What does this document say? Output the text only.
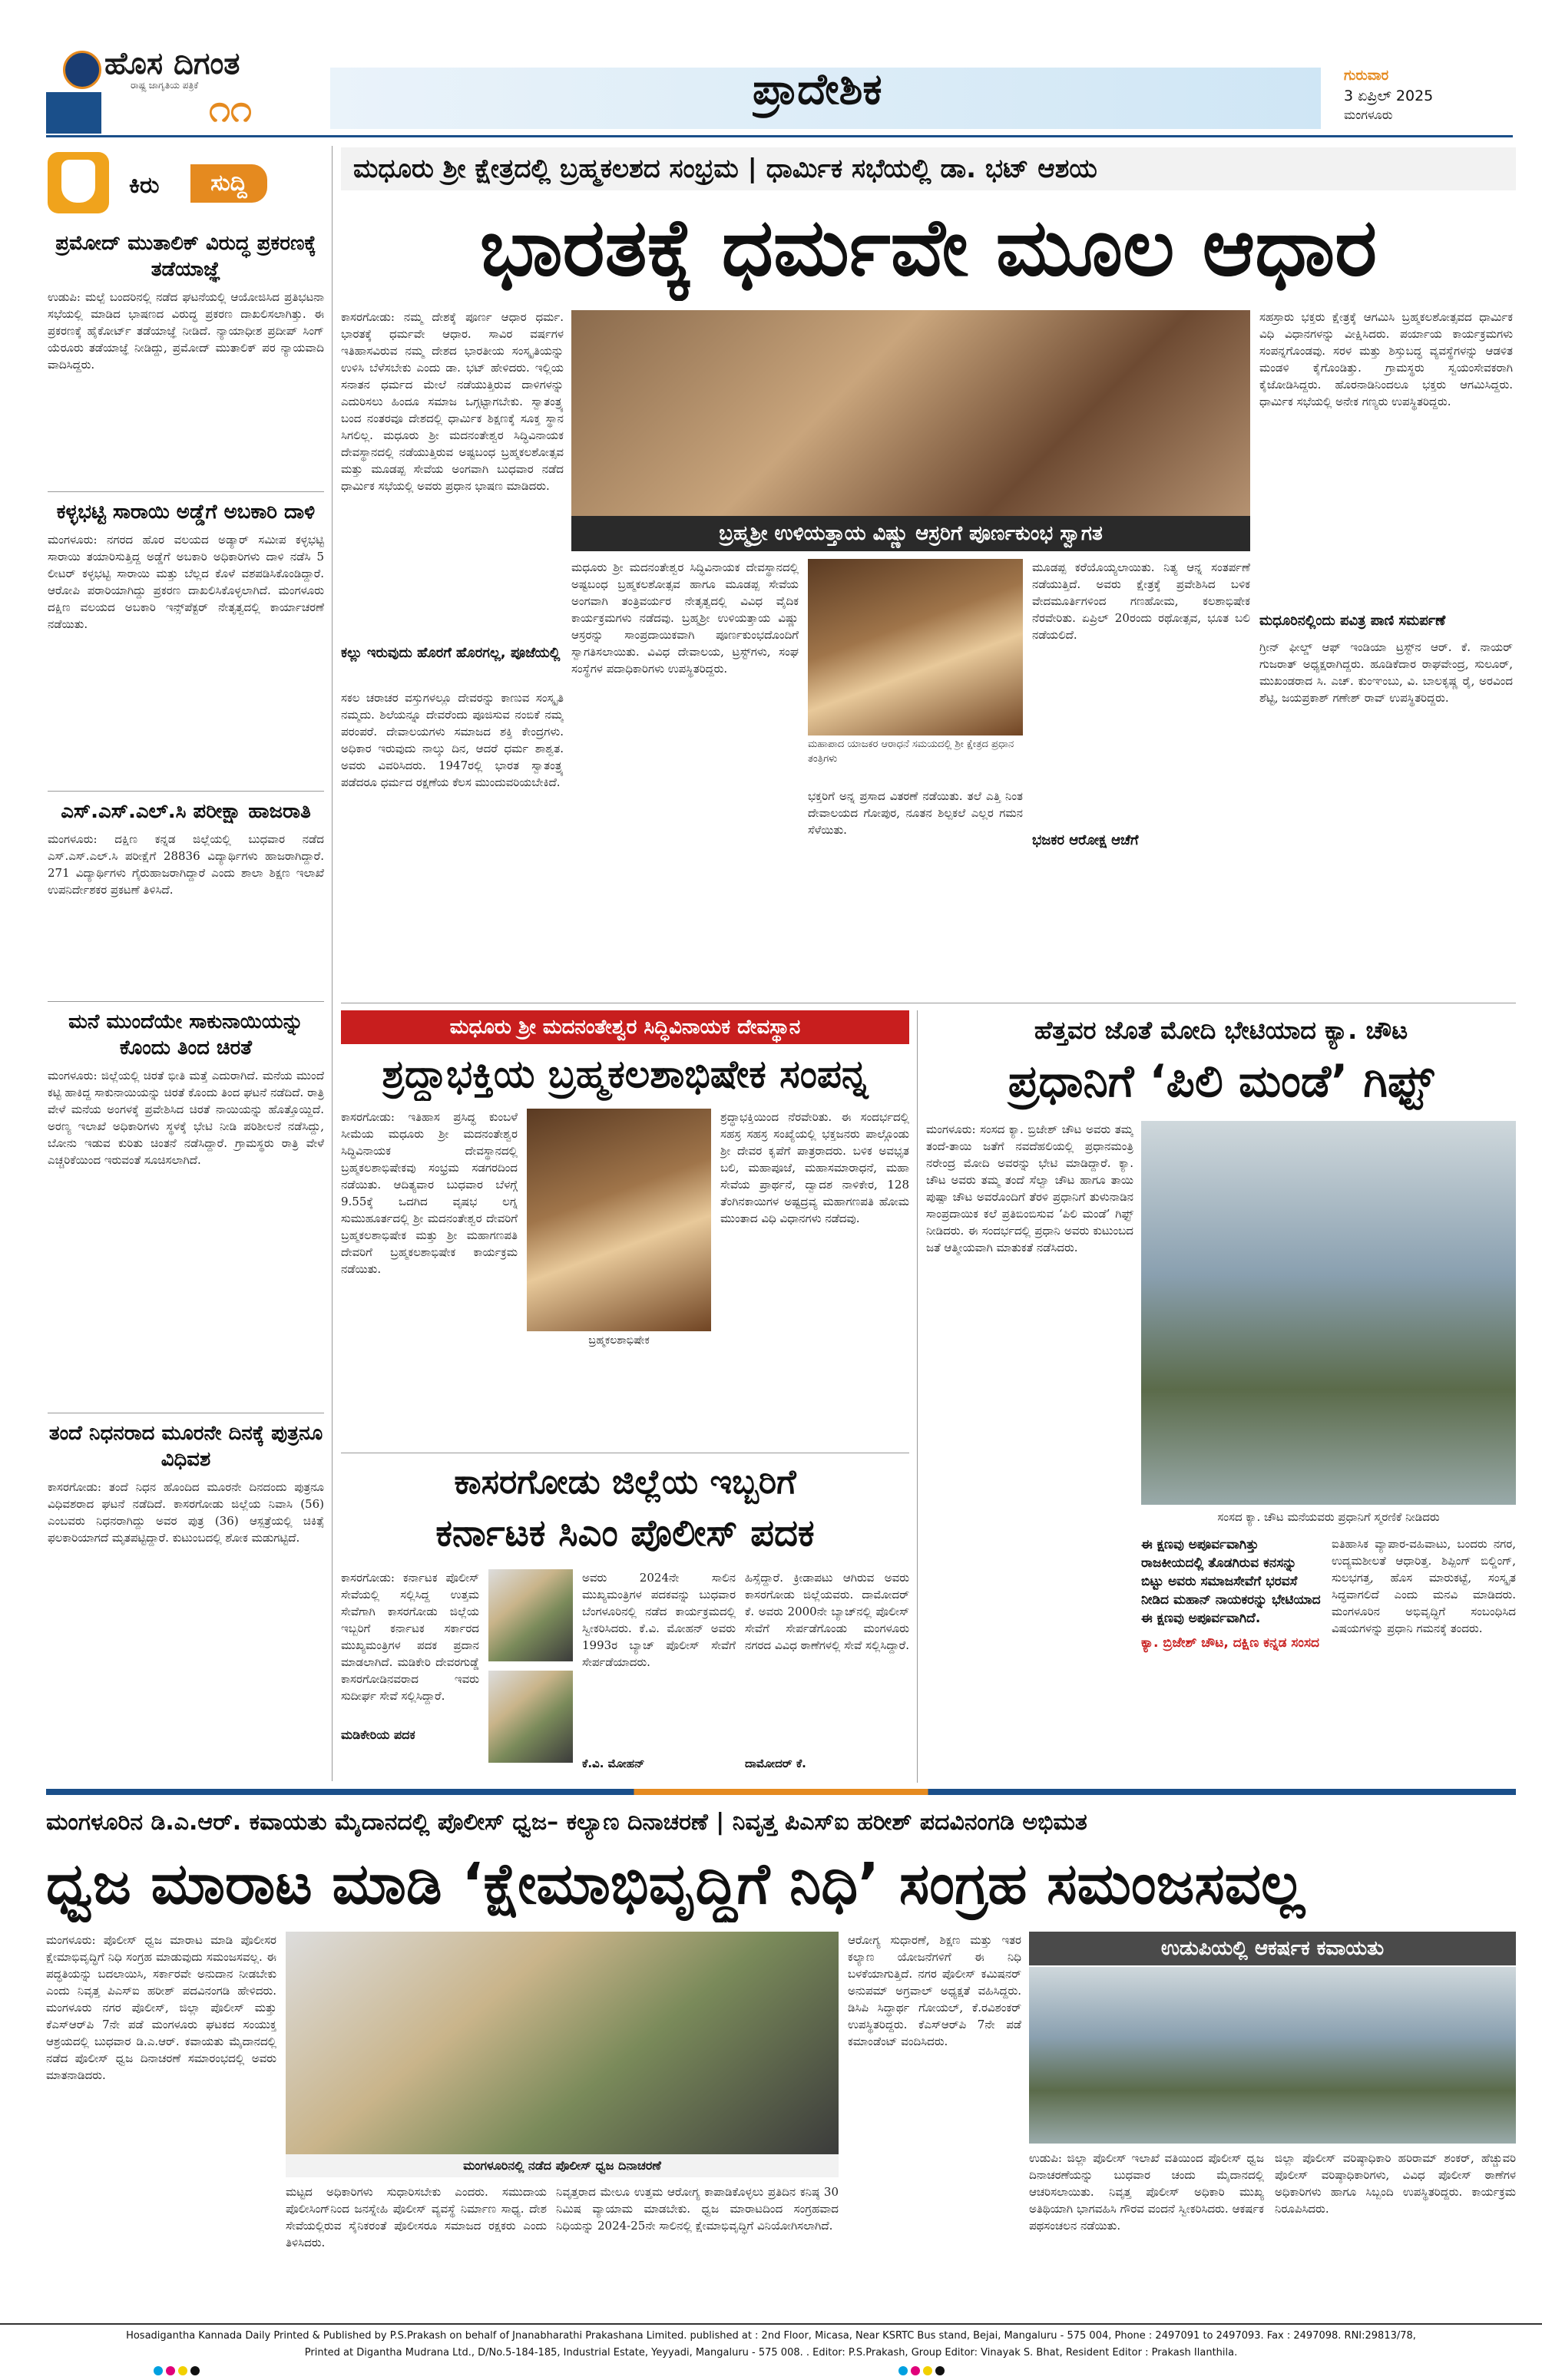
ಹೊಸ ದಿಗಂತ
ರಾಷ್ಟ್ರ ಜಾಗೃತಿಯ ಪತ್ರಿಕೆ
೧೧	ಪ್ರಾದೇಶಿಕ	ಗುರುವಾರ
3 ಏಪ್ರಿಲ್ 2025
ಮಂಗಳೂರು
ಕಿರು	ಸುದ್ದಿ
ಪ್ರಮೋದ್ ಮುತಾಲಿಕ್ ವಿರುದ್ಧ ಪ್ರಕರಣಕ್ಕೆ ತಡೆಯಾಜ್ಞೆ
ಉಡುಪಿ: ಮಲ್ಪೆ ಬಂದರಿನಲ್ಲಿ ನಡೆದ ಘಟನೆಯಲ್ಲಿ ಆಯೋಜಿಸಿದ ಪ್ರತಿಭಟನಾ ಸಭೆಯಲ್ಲಿ ಮಾಡಿದ ಭಾಷಣದ ವಿರುದ್ಧ ಪ್ರಕರಣ ದಾಖಲಿಸಲಾಗಿತ್ತು. ಈ ಪ್ರಕರಣಕ್ಕೆ ಹೈಕೋರ್ಟ್ ತಡೆಯಾಜ್ಞೆ ನೀಡಿದೆ. ನ್ಯಾಯಾಧೀಶ ಪ್ರದೀಪ್ ಸಿಂಗ್ ಯೆರೂರು ತಡೆಯಾಜ್ಞೆ ನೀಡಿದ್ದು, ಪ್ರಮೋದ್ ಮುತಾಲಿಕ್ ಪರ ನ್ಯಾಯವಾದಿ ವಾದಿಸಿದ್ದರು.
ಕಳ್ಳಭಟ್ಟಿ ಸಾರಾಯಿ ಅಡ್ಡೆಗೆ ಅಬಕಾರಿ ದಾಳಿ
ಮಂಗಳೂರು: ನಗರದ ಹೊರ ವಲಯದ ಅಡ್ಯಾರ್ ಸಮೀಪ ಕಳ್ಳಭಟ್ಟಿ ಸಾರಾಯಿ ತಯಾರಿಸುತ್ತಿದ್ದ ಅಡ್ಡೆಗೆ ಅಬಕಾರಿ ಅಧಿಕಾರಿಗಳು ದಾಳಿ ನಡೆಸಿ 5 ಲೀಟರ್ ಕಳ್ಳಭಟ್ಟಿ ಸಾರಾಯಿ ಮತ್ತು ಬೆಲ್ಲದ ಕೊಳೆ ವಶಪಡಿಸಿಕೊಂಡಿದ್ದಾರೆ. ಆರೋಪಿ ಪರಾರಿಯಾಗಿದ್ದು ಪ್ರಕರಣ ದಾಖಲಿಸಿಕೊಳ್ಳಲಾಗಿದೆ. ಮಂಗಳೂರು ದಕ್ಷಿಣ ವಲಯದ ಅಬಕಾರಿ ಇನ್ಸ್‌ಪೆಕ್ಟರ್ ನೇತೃತ್ವದಲ್ಲಿ ಕಾರ್ಯಾಚರಣೆ ನಡೆಯಿತು.
ಎಸ್.ಎಸ್.ಎಲ್.ಸಿ ಪರೀಕ್ಷಾ ಹಾಜರಾತಿ
ಮಂಗಳೂರು: ದಕ್ಷಿಣ ಕನ್ನಡ ಜಿಲ್ಲೆಯಲ್ಲಿ ಬುಧವಾರ ನಡೆದ ಎಸ್.ಎಸ್.ಎಲ್.ಸಿ ಪರೀಕ್ಷೆಗೆ 28836 ವಿದ್ಯಾರ್ಥಿಗಳು ಹಾಜರಾಗಿದ್ದಾರೆ. 271 ವಿದ್ಯಾರ್ಥಿಗಳು ಗೈರುಹಾಜರಾಗಿದ್ದಾರೆ ಎಂದು ಶಾಲಾ ಶಿಕ್ಷಣ ಇಲಾಖೆ ಉಪನಿರ್ದೇಶಕರ ಪ್ರಕಟಣೆ ತಿಳಿಸಿದೆ.
ಮನೆ ಮುಂದೆಯೇ ಸಾಕುನಾಯಿಯನ್ನು ಕೊಂದು ತಿಂದ ಚಿರತೆ
ಮಂಗಳೂರು: ಜಿಲ್ಲೆಯಲ್ಲಿ ಚಿರತೆ ಭೀತಿ ಮತ್ತೆ ಎದುರಾಗಿದೆ. ಮನೆಯ ಮುಂದೆ ಕಟ್ಟಿ ಹಾಕಿದ್ದ ಸಾಕುನಾಯಿಯನ್ನು ಚಿರತೆ ಕೊಂದು ತಿಂದ ಘಟನೆ ನಡೆದಿದೆ. ರಾತ್ರಿ ವೇಳೆ ಮನೆಯ ಅಂಗಳಕ್ಕೆ ಪ್ರವೇಶಿಸಿದ ಚಿರತೆ ನಾಯಿಯನ್ನು ಹೊತ್ತೊಯ್ದಿದೆ. ಅರಣ್ಯ ಇಲಾಖೆ ಅಧಿಕಾರಿಗಳು ಸ್ಥಳಕ್ಕೆ ಭೇಟಿ ನೀಡಿ ಪರಿಶೀಲನೆ ನಡೆಸಿದ್ದು, ಬೋನು ಇಡುವ ಕುರಿತು ಚಿಂತನೆ ನಡೆಸಿದ್ದಾರೆ. ಗ್ರಾಮಸ್ಥರು ರಾತ್ರಿ ವೇಳೆ ಎಚ್ಚರಿಕೆಯಿಂದ ಇರುವಂತೆ ಸೂಚಿಸಲಾಗಿದೆ.
ತಂದೆ ನಿಧನರಾದ ಮೂರನೇ ದಿನಕ್ಕೆ ಪುತ್ರನೂ ವಿಧಿವಶ
ಕಾಸರಗೋಡು: ತಂದೆ ನಿಧನ ಹೊಂದಿದ ಮೂರನೇ ದಿನದಂದು ಪುತ್ರನೂ ವಿಧಿವಶರಾದ ಘಟನೆ ನಡೆದಿದೆ. ಕಾಸರಗೋಡು ಜಿಲ್ಲೆಯ ನಿವಾಸಿ (56) ಎಂಬವರು ನಿಧನರಾಗಿದ್ದು ಅವರ ಪುತ್ರ (36) ಆಸ್ಪತ್ರೆಯಲ್ಲಿ ಚಿಕಿತ್ಸೆ ಫಲಕಾರಿಯಾಗದೆ ಮೃತಪಟ್ಟಿದ್ದಾರೆ. ಕುಟುಂಬದಲ್ಲಿ ಶೋಕ ಮಡುಗಟ್ಟಿದೆ.
ಮಧೂರು ಶ್ರೀ ಕ್ಷೇತ್ರದಲ್ಲಿ ಬ್ರಹ್ಮಕಲಶದ ಸಂಭ್ರಮ | ಧಾರ್ಮಿಕ ಸಭೆಯಲ್ಲಿ ಡಾ. ಭಟ್ ಆಶಯ
ಭಾರತಕ್ಕೆ ಧರ್ಮವೇ ಮೂಲ ಆಧಾರ
ಕಾಸರಗೋಡು: ನಮ್ಮ ದೇಶಕ್ಕೆ ಪೂರ್ಣ ಆಧಾರ ಧರ್ಮ. ಭಾರತಕ್ಕೆ ಧರ್ಮವೇ ಆಧಾರ. ಸಾವಿರ ವರ್ಷಗಳ ಇತಿಹಾಸವಿರುವ ನಮ್ಮ ದೇಶದ ಭಾರತೀಯ ಸಂಸ್ಕೃತಿಯನ್ನು ಉಳಿಸಿ ಬೆಳೆಸಬೇಕು ಎಂದು ಡಾ. ಭಟ್ ಹೇಳಿದರು. ಇಲ್ಲಿಯ ಸನಾತನ ಧರ್ಮದ ಮೇಲೆ ನಡೆಯುತ್ತಿರುವ ದಾಳಿಗಳನ್ನು ಎದುರಿಸಲು ಹಿಂದೂ ಸಮಾಜ ಒಗ್ಗಟ್ಟಾಗಬೇಕು. ಸ್ವಾತಂತ್ರ್ಯ ಬಂದ ನಂತರವೂ ದೇಶದಲ್ಲಿ ಧಾರ್ಮಿಕ ಶಿಕ್ಷಣಕ್ಕೆ ಸೂಕ್ತ ಸ್ಥಾನ ಸಿಗಲಿಲ್ಲ. ಮಧೂರು ಶ್ರೀ ಮದನಂತೇಶ್ವರ ಸಿದ್ಧಿವಿನಾಯಕ ದೇವಸ್ಥಾನದಲ್ಲಿ ನಡೆಯುತ್ತಿರುವ ಅಷ್ಟಬಂಧ ಬ್ರಹ್ಮಕಲಶೋತ್ಸವ ಮತ್ತು ಮೂಡಪ್ಪ ಸೇವೆಯ ಅಂಗವಾಗಿ ಬುಧವಾರ ನಡೆದ ಧಾರ್ಮಿಕ ಸಭೆಯಲ್ಲಿ ಅವರು ಪ್ರಧಾನ ಭಾಷಣ ಮಾಡಿದರು.
ಕಲ್ಲು ಇರುವುದು ಹೊರಗೆ ಹೊರಗಲ್ಲ, ಪೂಜೆಯಲ್ಲಿ
ಸಕಲ ಚರಾಚರ ವಸ್ತುಗಳಲ್ಲೂ ದೇವರನ್ನು ಕಾಣುವ ಸಂಸ್ಕೃತಿ ನಮ್ಮದು. ಶಿಲೆಯನ್ನೂ ದೇವರೆಂದು ಪೂಜಿಸುವ ನಂಬಿಕೆ ನಮ್ಮ ಪರಂಪರೆ. ದೇವಾಲಯಗಳು ಸಮಾಜದ ಶಕ್ತಿ ಕೇಂದ್ರಗಳು. ಅಧಿಕಾರ ಇರುವುದು ನಾಲ್ಕು ದಿನ, ಆದರೆ ಧರ್ಮ ಶಾಶ್ವತ. ಅವರು ವಿವರಿಸಿದರು. 1947ರಲ್ಲಿ ಭಾರತ ಸ್ವಾತಂತ್ರ್ಯ ಪಡೆದರೂ ಧರ್ಮದ ರಕ್ಷಣೆಯ ಕೆಲಸ ಮುಂದುವರಿಯಬೇಕಿದೆ.
ಬ್ರಹ್ಮಶ್ರೀ ಉಳಿಯತ್ತಾಯ ವಿಷ್ಣು ಆಸ್ರರಿಗೆ ಪೂರ್ಣಕುಂಭ ಸ್ವಾಗತ
ಮಧೂರು ಶ್ರೀ ಮದನಂತೇಶ್ವರ ಸಿದ್ಧಿವಿನಾಯಕ ದೇವಸ್ಥಾನದಲ್ಲಿ ಅಷ್ಟಬಂಧ ಬ್ರಹ್ಮಕಲಶೋತ್ಸವ ಹಾಗೂ ಮೂಡಪ್ಪ ಸೇವೆಯ ಅಂಗವಾಗಿ ತಂತ್ರಿವರ್ಯರ ನೇತೃತ್ವದಲ್ಲಿ ವಿವಿಧ ವೈದಿಕ ಕಾರ್ಯಕ್ರಮಗಳು ನಡೆದವು. ಬ್ರಹ್ಮಶ್ರೀ ಉಳಿಯತ್ತಾಯ ವಿಷ್ಣು ಆಸ್ರರನ್ನು ಸಾಂಪ್ರದಾಯಿಕವಾಗಿ ಪೂರ್ಣಕುಂಭದೊಂದಿಗೆ ಸ್ವಾಗತಿಸಲಾಯಿತು. ವಿವಿಧ ದೇವಾಲಯ, ಟ್ರಸ್ಟ್‌ಗಳು, ಸಂಘ ಸಂಸ್ಥೆಗಳ ಪದಾಧಿಕಾರಿಗಳು ಉಪಸ್ಥಿತರಿದ್ದರು.
ಮಹಾಪಾದ ಯಾಜಕರ ಆರಾಧನೆ ಸಮಯದಲ್ಲಿ ಶ್ರೀ ಕ್ಷೇತ್ರದ ಪ್ರಧಾನ ತಂತ್ರಿಗಳು
ಭಕ್ತರಿಗೆ ಅನ್ನ ಪ್ರಸಾದ ವಿತರಣೆ ನಡೆಯಿತು. ತಲೆ ಎತ್ತಿ ನಿಂತ ದೇವಾಲಯದ ಗೋಪುರ, ನೂತನ ಶಿಲ್ಪಕಲೆ ಎಲ್ಲರ ಗಮನ ಸೆಳೆಯಿತು.
ಮೂಡಪ್ಪ ಕರೆಯೊಯ್ಯಲಾಯಿತು. ನಿತ್ಯ ಆನ್ನ ಸಂತರ್ಪಣೆ ನಡೆಯುತ್ತಿದೆ. ಅವರು ಕ್ಷೇತ್ರಕ್ಕೆ ಪ್ರವೇಶಿಸಿದ ಬಳಿಕ ವೇದಮೂರ್ತಿಗಳಿಂದ ಗಣಹೋಮ, ಕಲಶಾಭಿಷೇಕ ನೆರವೇರಿತು. ಏಪ್ರಿಲ್ 20ರಂದು ರಥೋತ್ಸವ, ಭೂತ ಬಲಿ ನಡೆಯಲಿದೆ.
ಭಜಕರ ಆರೋಕ್ಷ ಆಚೆಗೆ
ಸಹಸ್ರಾರು ಭಕ್ತರು ಕ್ಷೇತ್ರಕ್ಕೆ ಆಗಮಿಸಿ ಬ್ರಹ್ಮಕಲಶೋತ್ಸವದ ಧಾರ್ಮಿಕ ವಿಧಿ ವಿಧಾನಗಳನ್ನು ವೀಕ್ಷಿಸಿದರು. ಪರ್ಯಾಯ ಕಾರ್ಯಕ್ರಮಗಳು ಸಂಪನ್ನಗೊಂಡವು. ಸರಳ ಮತ್ತು ಶಿಸ್ತುಬದ್ಧ ವ್ಯವಸ್ಥೆಗಳನ್ನು ಆಡಳಿತ ಮಂಡಳಿ ಕೈಗೊಂಡಿತ್ತು. ಗ್ರಾಮಸ್ಥರು ಸ್ವಯಂಸೇವಕರಾಗಿ ಕೈಜೋಡಿಸಿದ್ದರು. ಹೊರನಾಡಿನಿಂದಲೂ ಭಕ್ತರು ಆಗಮಿಸಿದ್ದರು. ಧಾರ್ಮಿಕ ಸಭೆಯಲ್ಲಿ ಅನೇಕ ಗಣ್ಯರು ಉಪಸ್ಥಿತರಿದ್ದರು.
ಮಧೂರಿನಲ್ಲಿಂದು ಪವಿತ್ರ ಪಾಣಿ ಸಮರ್ಪಣೆ
ಗ್ರೀನ್ ಫೀಲ್ಡ್ ಆಫ್ ಇಂಡಿಯಾ ಟ್ರಸ್ಟ್‌ನ ಆರ್. ಕೆ. ನಾಯರ್ ಗುಜರಾತ್ ಅಧ್ಯಕ್ಷರಾಗಿದ್ದರು. ಹೂಡಿಕೆದಾರ ರಾಘವೇಂದ್ರ, ಸುಲೂರ್, ಮುಖಂಡರಾದ ಸಿ. ಎಚ್. ಕುಂಞಂಬು, ವಿ. ಬಾಲಕೃಷ್ಣ ರೈ, ಅರವಿಂದ ಶೆಟ್ಟಿ, ಜಯಪ್ರಕಾಶ್ ಗಣೇಶ್ ರಾವ್ ಉಪಸ್ಥಿತರಿದ್ದರು.
ಮಧೂರು ಶ್ರೀ ಮದನಂತೇಶ್ವರ ಸಿದ್ಧಿವಿನಾಯಕ ದೇವಸ್ಥಾನ
ಶ್ರದ್ಧಾಭಕ್ತಿಯ ಬ್ರಹ್ಮಕಲಶಾಭಿಷೇಕ ಸಂಪನ್ನ
ಕಾಸರಗೋಡು: ಇತಿಹಾಸ ಪ್ರಸಿದ್ಧ ಕುಂಬಳೆ ಸೀಮೆಯ ಮಧೂರು ಶ್ರೀ ಮದನಂತೇಶ್ವರ ಸಿದ್ಧಿವಿನಾಯಕ ದೇವಸ್ಥಾನದಲ್ಲಿ ಬ್ರಹ್ಮಕಲಶಾಭಿಷೇಕವು ಸಂಭ್ರಮ ಸಡಗರದಿಂದ ನಡೆಯಿತು. ಆದಿತ್ಯವಾರ ಬುಧವಾರ ಬೆಳಗ್ಗೆ 9.55ಕ್ಕೆ ಒದಗಿದ ವೃಷಭ ಲಗ್ನ ಸುಮುಹೂರ್ತದಲ್ಲಿ ಶ್ರೀ ಮದನಂತೇಶ್ವರ ದೇವರಿಗೆ ಬ್ರಹ್ಮಕಲಶಾಭಿಷೇಕ ಮತ್ತು ಶ್ರೀ ಮಹಾಗಣಪತಿ ದೇವರಿಗೆ ಬ್ರಹ್ಮಕಲಶಾಭಿಷೇಕ ಕಾರ್ಯಕ್ರಮ ನಡೆಯಿತು.
ಬ್ರಹ್ಮಕಲಶಾಭಿಷೇಕ
ಶ್ರದ್ಧಾಭಕ್ತಿಯಿಂದ ನೆರವೇರಿತು. ಈ ಸಂದರ್ಭದಲ್ಲಿ ಸಹಸ್ರ ಸಹಸ್ರ ಸಂಖ್ಯೆಯಲ್ಲಿ ಭಕ್ತಜನರು ಪಾಲ್ಗೊಂಡು ಶ್ರೀ ದೇವರ ಕೃಪೆಗೆ ಪಾತ್ರರಾದರು. ಬಳಿಕ ಅವಭೃತ ಬಲಿ, ಮಹಾಪೂಜೆ, ಮಹಾಸಮಾರಾಧನೆ, ಮಹಾ ಸೇವೆಯ ಪ್ರಾರ್ಥನೆ, ದ್ವಾದಶ ನಾಳಿಕೇರ, 128 ತೆಂಗಿನಕಾಯಿಗಳ ಅಷ್ಟದ್ರವ್ಯ ಮಹಾಗಣಪತಿ ಹೋಮ ಮುಂತಾದ ವಿಧಿ ವಿಧಾನಗಳು ನಡೆದವು.
ಕಾಸರಗೋಡು ಜಿಲ್ಲೆಯ ಇಬ್ಬರಿಗೆ
ಕರ್ನಾಟಕ ಸಿಎಂ ಪೊಲೀಸ್ ಪದಕ
ಕಾಸರಗೋಡು: ಕರ್ನಾಟಕ ಪೊಲೀಸ್ ಸೇವೆಯಲ್ಲಿ ಸಲ್ಲಿಸಿದ್ದ ಉತ್ತಮ ಸೇವೆಗಾಗಿ ಕಾಸರಗೋಡು ಜಿಲ್ಲೆಯ ಇಬ್ಬರಿಗೆ ಕರ್ನಾಟಕ ಸರ್ಕಾರದ ಮುಖ್ಯಮಂತ್ರಿಗಳ ಪದಕ ಪ್ರದಾನ ಮಾಡಲಾಗಿದೆ. ಮಡಿಕೇರಿ ದೇವರಗುಡ್ಡೆ ಕಾಸರಗೋಡಿನವರಾದ ಇವರು ಸುದೀರ್ಘ ಸೇವೆ ಸಲ್ಲಿಸಿದ್ದಾರೆ.
ಮಡಿಕೇರಿಯ ಪದಕ
ಅವರು 2024ನೇ ಸಾಲಿನ ಮುಖ್ಯಮಂತ್ರಿಗಳ ಪದಕವನ್ನು ಬುಧವಾರ ಬೆಂಗಳೂರಿನಲ್ಲಿ ನಡೆದ ಕಾರ್ಯಕ್ರಮದಲ್ಲಿ ಸ್ವೀಕರಿಸಿದರು. ಕೆ.ವಿ. ಮೋಹನ್ ಅವರು 1993ರ ಬ್ಯಾಚ್ ಪೊಲೀಸ್ ಸೇವೆಗೆ ಸೇರ್ಪಡೆಯಾದರು.
ಕೆ.ವಿ. ಮೋಹನ್
ಹಿಸ್ಸೆದ್ದಾರೆ. ಕ್ರೀಡಾಪಟು ಆಗಿರುವ ಅವರು ಕಾಸರಗೋಡು ಜಿಲ್ಲೆಯವರು. ದಾಮೋದರ್ ಕೆ. ಅವರು 2000ನೇ ಬ್ಯಾಚ್‌ನಲ್ಲಿ ಪೊಲೀಸ್ ಸೇವೆಗೆ ಸೇರ್ಪಡೆಗೊಂಡು ಮಂಗಳೂರು ನಗರದ ವಿವಿಧ ಠಾಣೆಗಳಲ್ಲಿ ಸೇವೆ ಸಲ್ಲಿಸಿದ್ದಾರೆ.
ದಾಮೋದರ್ ಕೆ.
ಹೆತ್ತವರ ಜೊತೆ ಮೋದಿ ಭೇಟಿಯಾದ ಕ್ಯಾ. ಚೌಟ
ಪ್ರಧಾನಿಗೆ ‘ಪಿಲಿ ಮಂಡೆ’ ಗಿಫ್ಟ್
ಮಂಗಳೂರು: ಸಂಸದ ಕ್ಯಾ. ಬ್ರಿಜೇಶ್ ಚೌಟ ಅವರು ತಮ್ಮ ತಂದೆ-ತಾಯಿ ಜತೆಗೆ ನವದೆಹಲಿಯಲ್ಲಿ ಪ್ರಧಾನಮಂತ್ರಿ ನರೇಂದ್ರ ಮೋದಿ ಅವರನ್ನು ಭೇಟಿ ಮಾಡಿದ್ದಾರೆ. ಕ್ಯಾ. ಚೌಟ ಅವರು ತಮ್ಮ ತಂದೆ ಸೆಲ್ವಾ ಚೌಟ ಹಾಗೂ ತಾಯಿ ಪುಷ್ಪಾ ಚೌಟ ಅವರೊಂದಿಗೆ ತೆರಳಿ ಪ್ರಧಾನಿಗೆ ತುಳುನಾಡಿನ ಸಾಂಪ್ರದಾಯಿಕ ಕಲೆ ಪ್ರತಿಬಿಂಬಿಸುವ ‘ಪಿಲಿ ಮಂಡೆ’ ಗಿಫ್ಟ್ ನೀಡಿದರು. ಈ ಸಂದರ್ಭದಲ್ಲಿ ಪ್ರಧಾನಿ ಅವರು ಕುಟುಂಬದ ಜತೆ ಆತ್ಮೀಯವಾಗಿ ಮಾತುಕತೆ ನಡೆಸಿದರು.
ಸಂಸದ ಕ್ಯಾ. ಚೌಟ ಮನೆಯವರು ಪ್ರಧಾನಿಗೆ ಸ್ಮರಣಿಕೆ ನೀಡಿದರು
ಈ ಕ್ಷಣವು ಅಪೂರ್ವವಾಗಿತ್ತು ರಾಜಕೀಯದಲ್ಲಿ ತೊಡಗಿರುವ ಕನಸನ್ನು ಬಿಟ್ಟು ಅವರು ಸಮಾಜಸೇವೆಗೆ ಭರವಸೆ ನೀಡಿದ ಮಹಾನ್ ನಾಯಕರನ್ನು ಭೇಟಿಯಾದ ಈ ಕ್ಷಣವು ಅಪೂರ್ವವಾಗಿದೆ.
ಕ್ಯಾ. ಬ್ರಿಜೇಶ್ ಚೌಟ, ದಕ್ಷಿಣ ಕನ್ನಡ ಸಂಸದ
ಐತಿಹಾಸಿಕ ವ್ಯಾಪಾರ-ವಹಿವಾಟು, ಬಂದರು ನಗರ, ಉದ್ಯಮಶೀಲತೆ ಆಧಾರಿತ್ತ. ಶಿಪ್ಪಿಂಗ್ ಬಿಲ್ಡಿಂಗ್, ಸುಲಭಗತ್ತ, ಹೊಸ ಮಾರುಕಟ್ಟೆ, ಸಂಸ್ಕೃತ ಸಿದ್ಧವಾಗಲಿದೆ ಎಂದು ಮನವಿ ಮಾಡಿದರು. ಮಂಗಳೂರಿನ ಅಭಿವೃದ್ಧಿಗೆ ಸಂಬಂಧಿಸಿದ ವಿಷಯಗಳನ್ನು ಪ್ರಧಾನಿ ಗಮನಕ್ಕೆ ತಂದರು.
ಮಂಗಳೂರಿನ ಡಿ.ಎ.ಆರ್. ಕವಾಯತು ಮೈದಾನದಲ್ಲಿ ಪೊಲೀಸ್ ಧ್ವಜ– ಕಲ್ಯಾಣ ದಿನಾಚರಣೆ | ನಿವೃತ್ತ ಪಿಎಸ್ಐ ಹರೀಶ್ ಪದವಿನಂಗಡಿ ಅಭಿಮತ
ಧ್ವಜ ಮಾರಾಟ ಮಾಡಿ ‘ಕ್ಷೇಮಾಭಿವೃದ್ಧಿಗೆ ನಿಧಿ’ ಸಂಗ್ರಹ ಸಮಂಜಸವಲ್ಲ
ಮಂಗಳೂರು: ಪೊಲೀಸ್ ಧ್ವಜ ಮಾರಾಟ ಮಾಡಿ ಪೊಲೀಸರ ಕ್ಷೇಮಾಭಿವೃದ್ಧಿಗೆ ನಿಧಿ ಸಂಗ್ರಹ ಮಾಡುವುದು ಸಮಂಜಸವಲ್ಲ. ಈ ಪದ್ಧತಿಯನ್ನು ಬದಲಾಯಿಸಿ, ಸರ್ಕಾರವೇ ಅನುದಾನ ನೀಡಬೇಕು ಎಂದು ನಿವೃತ್ತ ಪಿಎಸ್ಐ ಹರೀಶ್ ಪದವಿನಂಗಡಿ ಹೇಳಿದರು. ಮಂಗಳೂರು ನಗರ ಪೊಲೀಸ್, ಜಿಲ್ಲಾ ಪೊಲೀಸ್ ಮತ್ತು ಕೆಎಸ್‌ಆರ್‌ಪಿ 7ನೇ ಪಡೆ ಮಂಗಳೂರು ಘಟಕದ ಸಂಯುಕ್ತ ಆಶ್ರಯದಲ್ಲಿ ಬುಧವಾರ ಡಿ.ಎ.ಆರ್. ಕವಾಯತು ಮೈದಾನದಲ್ಲಿ ನಡೆದ ಪೊಲೀಸ್ ಧ್ವಜ ದಿನಾಚರಣೆ ಸಮಾರಂಭದಲ್ಲಿ ಅವರು ಮಾತನಾಡಿದರು.
ಮಂಗಳೂರಿನಲ್ಲಿ ನಡೆದ ಪೊಲೀಸ್ ಧ್ವಜ ದಿನಾಚರಣೆ
ಮಟ್ಟದ ಅಧಿಕಾರಿಗಳು ಸುಧಾರಿಸಬೇಕು ಎಂದರು. ಸಮುದಾಯ ಪೊಲೀಸಿಂಗ್‌ನಿಂದ ಜನಸ್ನೇಹಿ ಪೊಲೀಸ್ ವ್ಯವಸ್ಥೆ ನಿರ್ಮಾಣ ಸಾಧ್ಯ. ದೇಶ ಸೇವೆಯಲ್ಲಿರುವ ಸೈನಿಕರಂತೆ ಪೊಲೀಸರೂ ಸಮಾಜದ ರಕ್ಷಕರು ಎಂದು ತಿಳಿಸಿದರು.
ನಿವೃತ್ತರಾದ ಮೇಲೂ ಉತ್ತಮ ಆರೋಗ್ಯ ಕಾಪಾಡಿಕೊಳ್ಳಲು ಪ್ರತಿದಿನ ಕನಿಷ್ಠ 30 ನಿಮಿಷ ವ್ಯಾಯಾಮ ಮಾಡಬೇಕು. ಧ್ವಜ ಮಾರಾಟದಿಂದ ಸಂಗ್ರಹವಾದ ನಿಧಿಯನ್ನು 2024-25ನೇ ಸಾಲಿನಲ್ಲಿ ಕ್ಷೇಮಾಭಿವೃದ್ಧಿಗೆ ವಿನಿಯೋಗಿಸಲಾಗಿದೆ.
ಆರೋಗ್ಯ ಸುಧಾರಣೆ, ಶಿಕ್ಷಣ ಮತ್ತು ಇತರ ಕಲ್ಯಾಣ ಯೋಜನೆಗಳಿಗೆ ಈ ನಿಧಿ ಬಳಕೆಯಾಗುತ್ತಿದೆ. ನಗರ ಪೊಲೀಸ್ ಕಮಿಷನರ್ ಅನುಪಮ್ ಅಗ್ರವಾಲ್ ಅಧ್ಯಕ್ಷತೆ ವಹಿಸಿದ್ದರು. ಡಿಸಿಪಿ ಸಿದ್ಧಾರ್ಥ ಗೋಯಲ್, ಕೆ.ರವಿಶಂಕರ್ ಉಪಸ್ಥಿತರಿದ್ದರು. ಕೆಎಸ್‌ಆರ್‌ಪಿ 7ನೇ ಪಡೆ ಕಮಾಂಡೆಂಟ್ ವಂದಿಸಿದರು.
ಉಡುಪಿಯಲ್ಲಿ ಆಕರ್ಷಕ ಕವಾಯತು
ಉಡುಪಿ: ಜಿಲ್ಲಾ ಪೊಲೀಸ್ ಇಲಾಖೆ ವತಿಯಿಂದ ಪೊಲೀಸ್ ಧ್ವಜ ದಿನಾಚರಣೆಯನ್ನು ಬುಧವಾರ ಚಂದು ಮೈದಾನದಲ್ಲಿ ಆಚರಿಸಲಾಯಿತು. ನಿವೃತ್ತ ಪೊಲೀಸ್ ಅಧಿಕಾರಿ ಮುಖ್ಯ ಅತಿಥಿಯಾಗಿ ಭಾಗವಹಿಸಿ ಗೌರವ ವಂದನೆ ಸ್ವೀಕರಿಸಿದರು. ಆಕರ್ಷಕ ಪಥಸಂಚಲನ ನಡೆಯಿತು.
ಜಿಲ್ಲಾ ಪೊಲೀಸ್ ವರಿಷ್ಠಾಧಿಕಾರಿ ಹರಿರಾಮ್ ಶಂಕರ್, ಹೆಚ್ಚುವರಿ ಪೊಲೀಸ್ ವರಿಷ್ಠಾಧಿಕಾರಿಗಳು, ವಿವಿಧ ಪೊಲೀಸ್ ಠಾಣೆಗಳ ಅಧಿಕಾರಿಗಳು ಹಾಗೂ ಸಿಬ್ಬಂದಿ ಉಪಸ್ಥಿತರಿದ್ದರು. ಕಾರ್ಯಕ್ರಮ ನಿರೂಪಿಸಿದರು.
Hosadigantha Kannada Daily Printed & Published by P.S.Prakash on behalf of Jnanabharathi Prakashana Limited. published at : 2nd Floor, Micasa, Near KSRTC Bus stand, Bejai, Mangaluru - 575 004, Phone : 2497091 to 2497093. Fax : 2497098. RNI:29813/78,
Printed at Digantha Mudrana Ltd., D/No.5-184-185, Industrial Estate, Yeyyadi, Mangaluru - 575 008. . Editor: P.S.Prakash, Group Editor: Vinayak S. Bhat, Resident Editor : Prakash Ilanthila.
